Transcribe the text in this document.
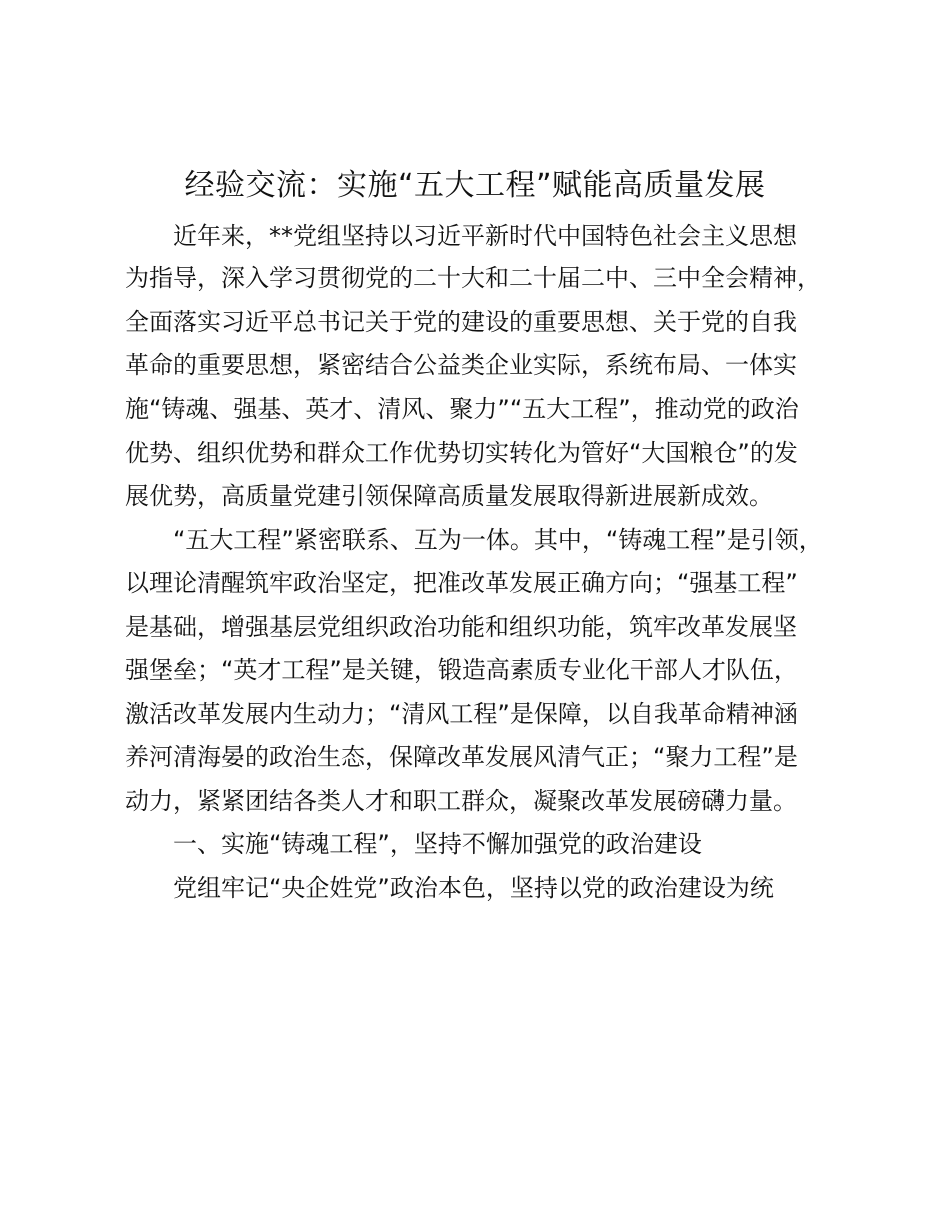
经验交流：实施“五大工程”赋能高质量发展

近年来，**党组坚持以习近平新时代中国特色社会主义思想

为指导，深入学习贯彻党的二十大和二十届二中、三中全会精神，

全面落实习近平总书记关于党的建设的重要思想、关于党的自我

革命的重要思想，紧密结合公益类企业实际，系统布局、一体实

施“铸魂、强基、英才、清风、聚力”“五大工程”，推动党的政治

优势、组织优势和群众工作优势切实转化为管好“大国粮仓”的发

展优势，高质量党建引领保障高质量发展取得新进展新成效。

“五大工程”紧密联系、互为一体。其中，“铸魂工程”是引领，

以理论清醒筑牢政治坚定，把准改革发展正确方向；“强基工程”

是基础，增强基层党组织政治功能和组织功能，筑牢改革发展坚

强堡垒；“英才工程”是关键，锻造高素质专业化干部人才队伍，

激活改革发展内生动力；“清风工程”是保障，以自我革命精神涵

养河清海晏的政治生态，保障改革发展风清气正；“聚力工程”是

动力，紧紧团结各类人才和职工群众，凝聚改革发展磅礴力量。

一、实施“铸魂工程”，坚持不懈加强党的政治建设

党组牢记“央企姓党”政治本色，坚持以党的政治建设为统
